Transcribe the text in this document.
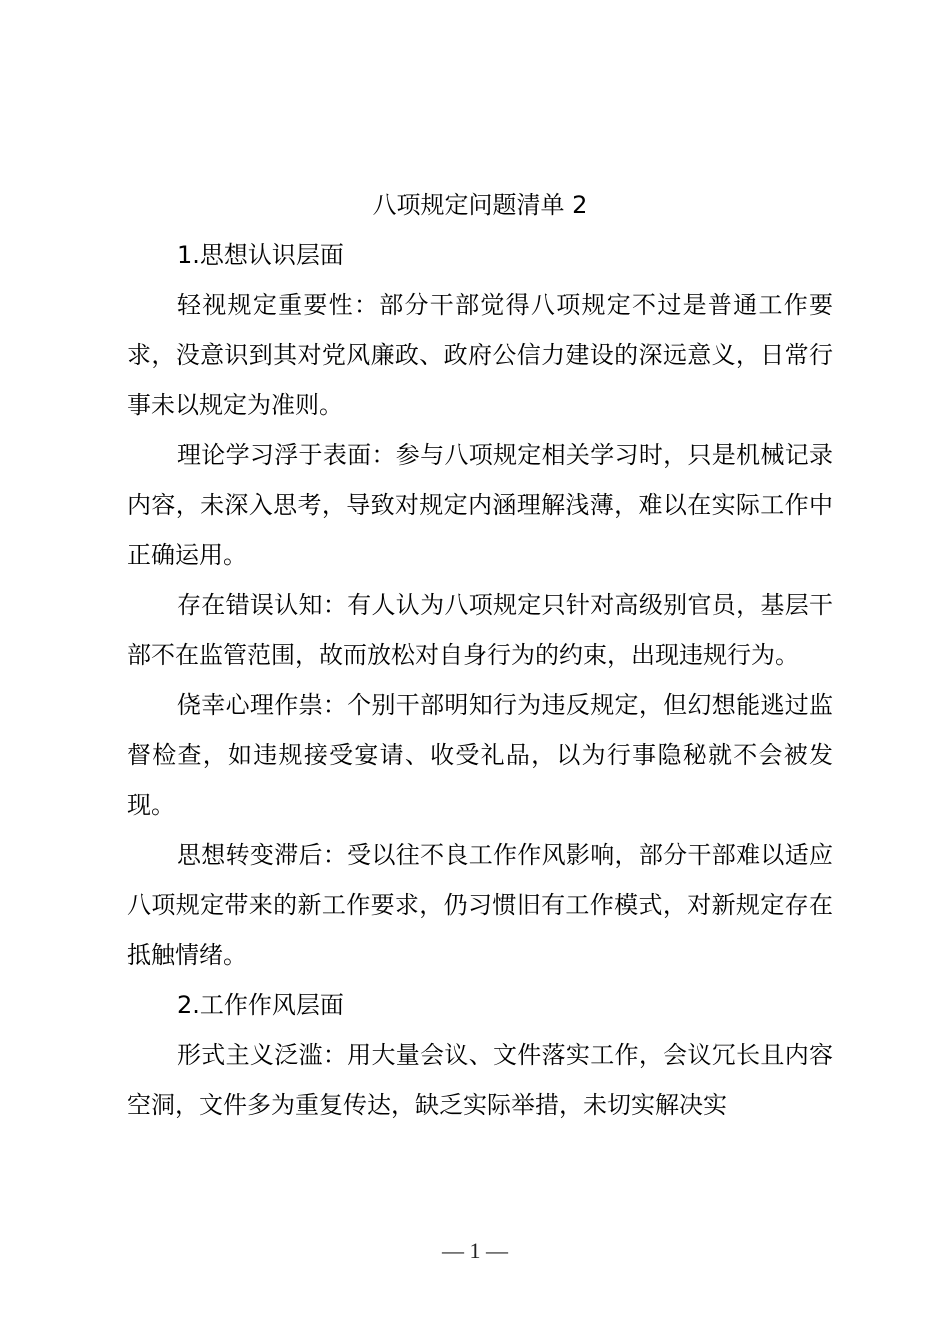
八项规定问题清单 2

1.思想认识层面

轻视规定重要性：部分干部觉得八项规定不过是普通工作要求，没意识到其对党风廉政、政府公信力建设的深远意义，日常行事未以规定为准则。

理论学习浮于表面：参与八项规定相关学习时，只是机械记录内容，未深入思考，导致对规定内涵理解浅薄，难以在实际工作中正确运用。

存在错误认知：有人认为八项规定只针对高级别官员，基层干部不在监管范围，故而放松对自身行为的约束，出现违规行为。

侥幸心理作祟：个别干部明知行为违反规定，但幻想能逃过监督检查，如违规接受宴请、收受礼品，以为行事隐秘就不会被发现。

思想转变滞后：受以往不良工作作风影响，部分干部难以适应八项规定带来的新工作要求，仍习惯旧有工作模式，对新规定存在抵触情绪。

2.工作作风层面

形式主义泛滥：用大量会议、文件落实工作，会议冗长且内容空洞，文件多为重复传达，缺乏实际举措，未切实解决实

— 1 —
